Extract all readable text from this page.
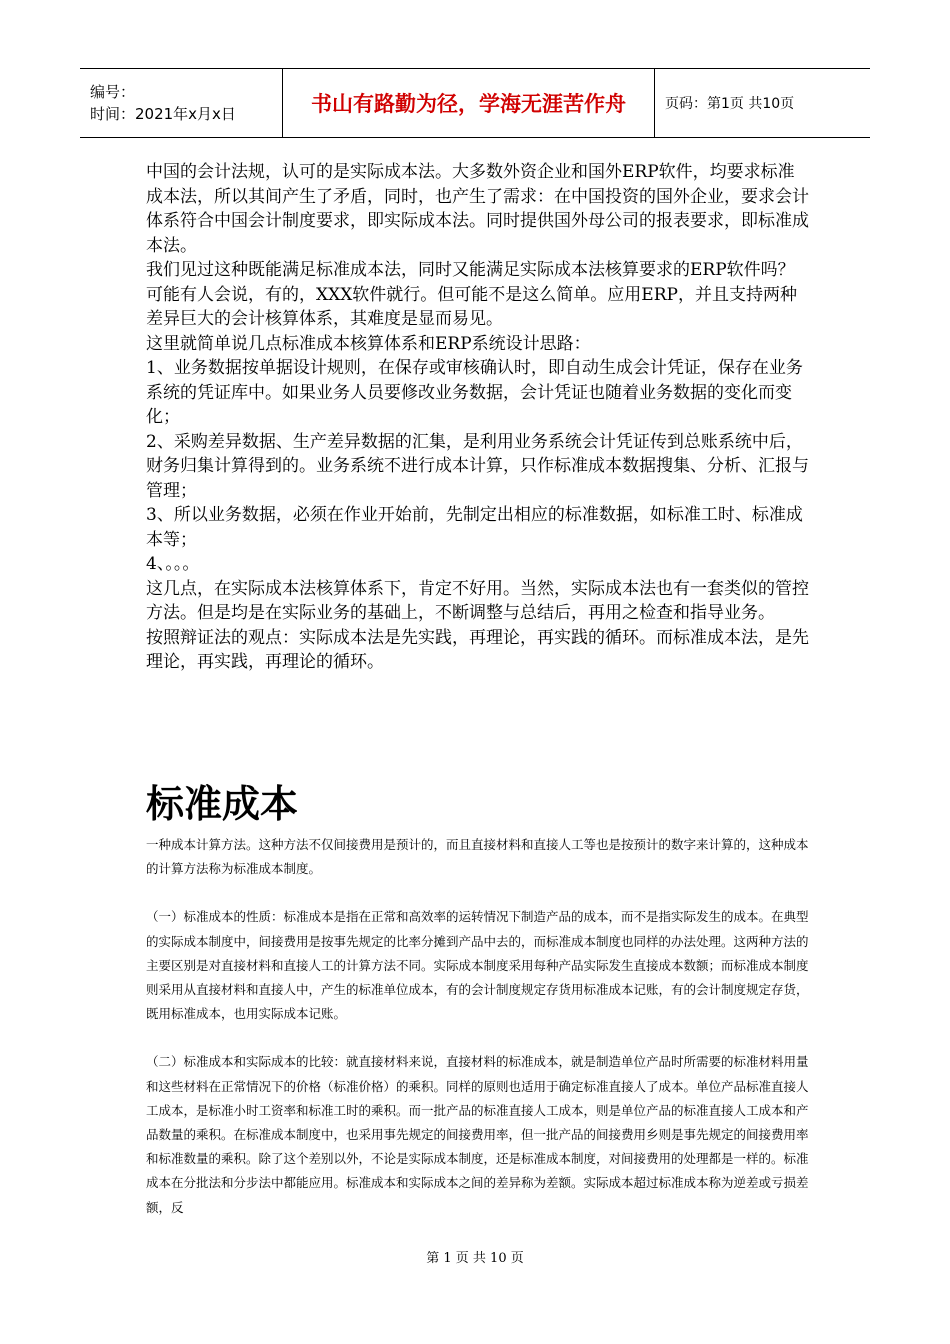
编号：
时间：2021年x月x日	书山有路勤为径，学海无涯苦作舟	页码：第1页 共10页

中国的会计法规，认可的是实际成本法。大多数外资企业和国外ERP软件，均要求标准成本法，所以其间产生了矛盾，同时，也产生了需求：在中国投资的国外企业，要求会计体系符合中国会计制度要求，即实际成本法。同时提供国外母公司的报表要求，即标准成本法。

我们见过这种既能满足标准成本法，同时又能满足实际成本法核算要求的ERP软件吗？

可能有人会说，有的，XXX软件就行。但可能不是这么简单。应用ERP，并且支持两种差异巨大的会计核算体系，其难度是显而易见。

这里就简单说几点标准成本核算体系和ERP系统设计思路：

1、业务数据按单据设计规则，在保存或审核确认时，即自动生成会计凭证，保存在业务系统的凭证库中。如果业务人员要修改业务数据，会计凭证也随着业务数据的变化而变化；

2、采购差异数据、生产差异数据的汇集，是利用业务系统会计凭证传到总账系统中后，财务归集计算得到的。业务系统不进行成本计算，只作标准成本数据搜集、分析、汇报与管理；

3、所以业务数据，必须在作业开始前，先制定出相应的标准数据，如标准工时、标准成本等；

4、。。。

这几点，在实际成本法核算体系下，肯定不好用。当然，实际成本法也有一套类似的管控方法。但是均是在实际业务的基础上，不断调整与总结后，再用之检查和指导业务。

按照辩证法的观点：实际成本法是先实践，再理论，再实践的循环。而标准成本法，是先理论，再实践，再理论的循环。

标准成本

一种成本计算方法。这种方法不仅间接费用是预计的，而且直接材料和直接人工等也是按预计的数字来计算的，这种成本的计算方法称为标准成本制度。

（一）标准成本的性质：标准成本是指在正常和高效率的运转情况下制造产品的成本，而不是指实际发生的成本。在典型的实际成本制度中，间接费用是按事先规定的比率分摊到产品中去的，而标准成本制度也同样的办法处理。这两种方法的主要区别是对直接材料和直接人工的计算方法不同。实际成本制度采用每种产品实际发生直接成本数额；而标准成本制度则采用从直接材料和直接人中，产生的标准单位成本，有的会计制度规定存货用标准成本记账，有的会计制度规定存货，既用标准成本，也用实际成本记账。

（二）标准成本和实际成本的比较：就直接材料来说，直接材料的标准成本，就是制造单位产品时所需要的标准材料用量和这些材料在正常情况下的价格（标准价格）的乘积。同样的原则也适用于确定标准直接人了成本。单位产品标准直接人工成本，是标准小时工资率和标准工时的乘积。而一批产品的标准直接人工成本，则是单位产品的标准直接人工成本和产品数量的乘积。在标准成本制度中，也采用事先规定的间接费用率，但一批产品的间接费用乡则是事先规定的间接费用率和标准数量的乘积。除了这个差别以外，不论是实际成本制度，还是标准成本制度，对间接费用的处理都是一样的。标准成本在分批法和分步法中都能应用。标准成本和实际成本之间的差异称为差额。实际成本超过标准成本称为逆差或亏损差额，反

第 1 页 共 10 页
